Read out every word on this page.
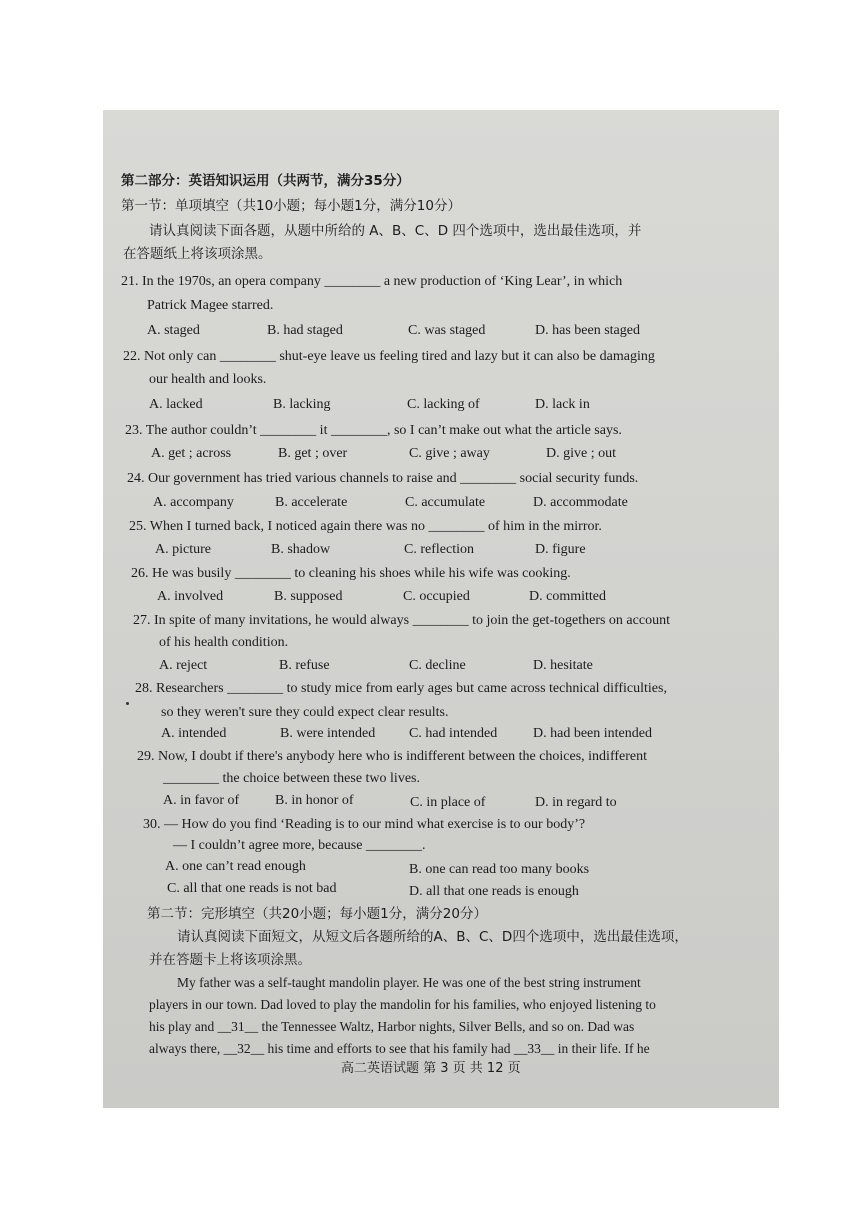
第二部分：英语知识运用（共两节，满分35分）
第一节：单项填空（共10小题；每小题1分，满分10分）
请认真阅读下面各题，从题中所给的 A、B、C、D 四个选项中，选出最佳选项，并
在答题纸上将该项涂黑。
21. In the 1970s, an opera company ________ a new production of ‘King Lear’, in which
Patrick Magee starred.
A. staged	B. had staged	C. was staged	D. has been staged
22. Not only can ________ shut-eye leave us feeling tired and lazy but it can also be damaging
our health and looks.
A. lacked	B. lacking	C. lacking of	D. lack in
23. The author couldn’t ________ it ________, so I can’t make out what the article says.
A. get ; across	B. get ; over	C. give ; away	D. give ; out
24. Our government has tried various channels to raise and ________ social security funds.
A. accompany	B. accelerate	C. accumulate	D. accommodate
25. When I turned back, I noticed again there was no ________ of him in the mirror.
A. picture	B. shadow	C. reflection	D. figure
26. He was busily ________ to cleaning his shoes while his wife was cooking.
A. involved	B. supposed	C. occupied	D. committed
27. In spite of many invitations, he would always ________ to join the get-togethers on account
of his health condition.
A. reject	B. refuse	C. decline	D. hesitate
28. Researchers ________ to study mice from early ages but came across technical difficulties,
so they weren't sure they could expect clear results.
A. intended	B. were intended C. had intended	D. had been intended
29. Now, I doubt if there's anybody here who is indifferent between the choices, indifferent
________ the choice between these two lives.
A. in favor of	B. in honor of	C. in place of	D. in regard to
30. — How do you find ‘Reading is to our mind what exercise is to our body’?
— I couldn’t agree more, because ________.
A. one can’t read enough	B. one can read too many books
C. all that one reads is not bad	D. all that one reads is enough
第二节：完形填空（共20小题；每小题1分，满分20分）
请认真阅读下面短文，从短文后各题所给的A、B、C、D四个选项中，选出最佳选项，
并在答题卡上将该项涂黑。
My father was a self-taught mandolin player. He was one of the best string instrument
players in our town. Dad loved to play the mandolin for his families, who enjoyed listening to
his play and __31__ the Tennessee Waltz, Harbor nights, Silver Bells, and so on. Dad was
always there, __32__ his time and efforts to see that his family had __33__ in their life. If he
高二英语试题 第 3 页 共 12 页
